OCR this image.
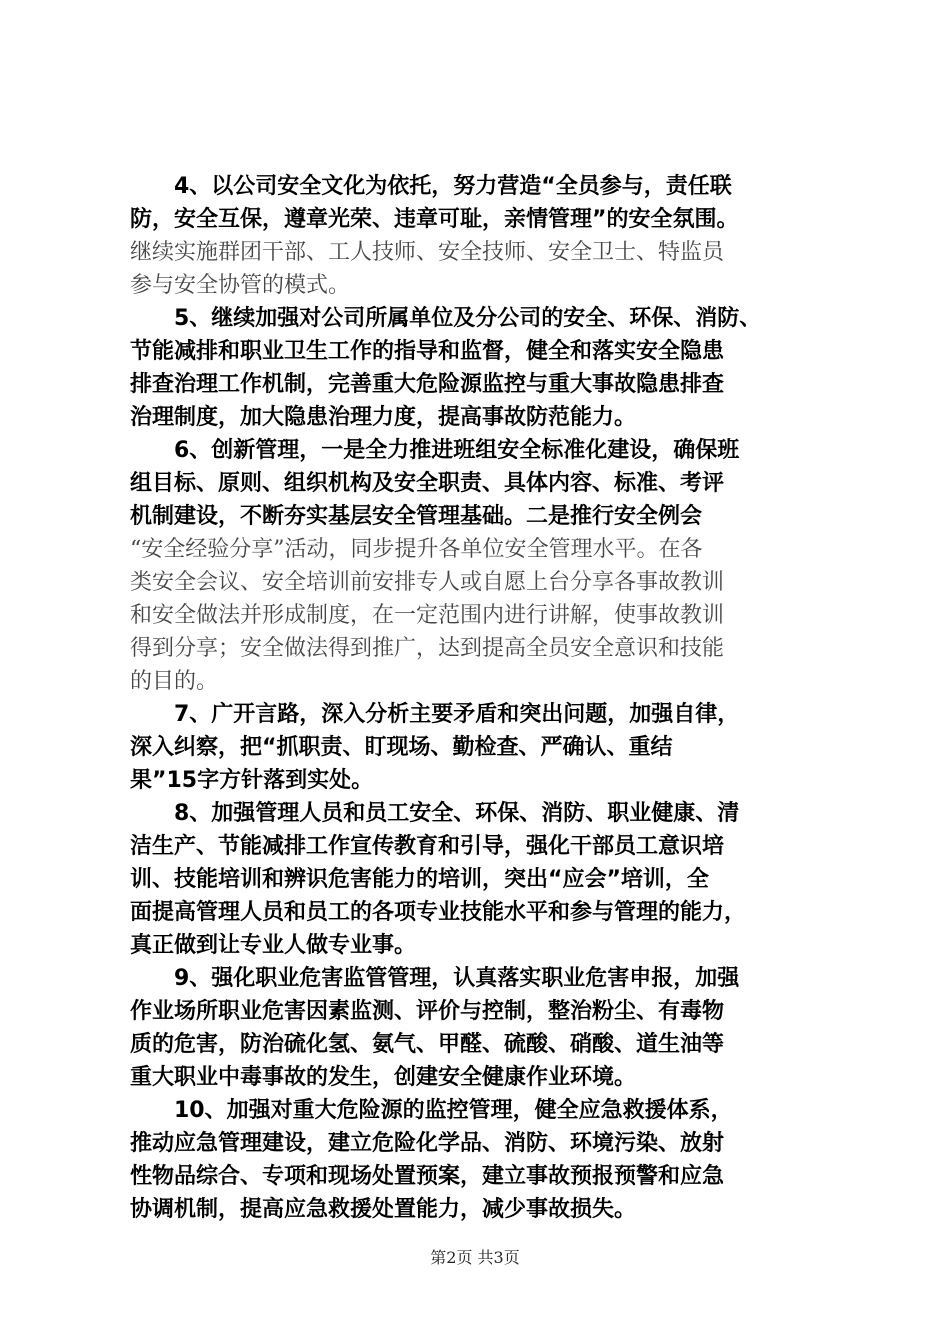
4、以公司安全文化为依托，努力营造“全员参与，责任联
防，安全互保，遵章光荣、违章可耻，亲情管理”的安全氛围。
继续实施群团干部、工人技师、安全技师、安全卫士、特监员
参与安全协管的模式。
5、继续加强对公司所属单位及分公司的安全、环保、消防、
节能减排和职业卫生工作的指导和监督，健全和落实安全隐患
排查治理工作机制，完善重大危险源监控与重大事故隐患排查
治理制度，加大隐患治理力度，提高事故防范能力。
6、创新管理，一是全力推进班组安全标准化建设，确保班
组目标、原则、组织机构及安全职责、具体内容、标准、考评
机制建设，不断夯实基层安全管理基础。二是推行安全例会
“安全经验分享”活动，同步提升各单位安全管理水平。在各
类安全会议、安全培训前安排专人或自愿上台分享各事故教训
和安全做法并形成制度，在一定范围内进行讲解，使事故教训
得到分享；安全做法得到推广，达到提高全员安全意识和技能
的目的。
7、广开言路，深入分析主要矛盾和突出问题，加强自律，
深入纠察，把“抓职责、盯现场、勤检查、严确认、重结
果”15字方针落到实处。
8、加强管理人员和员工安全、环保、消防、职业健康、清
洁生产、节能减排工作宣传教育和引导，强化干部员工意识培
训、技能培训和辨识危害能力的培训，突出“应会”培训，全
面提高管理人员和员工的各项专业技能水平和参与管理的能力，
真正做到让专业人做专业事。
9、强化职业危害监管管理，认真落实职业危害申报，加强
作业场所职业危害因素监测、评价与控制，整治粉尘、有毒物
质的危害，防治硫化氢、氨气、甲醛、硫酸、硝酸、道生油等
重大职业中毒事故的发生，创建安全健康作业环境。
10、加强对重大危险源的监控管理，健全应急救援体系，
推动应急管理建设，建立危险化学品、消防、环境污染、放射
性物品综合、专项和现场处置预案，建立事故预报预警和应急
协调机制，提高应急救援处置能力，减少事故损失。
第2页 共3页
